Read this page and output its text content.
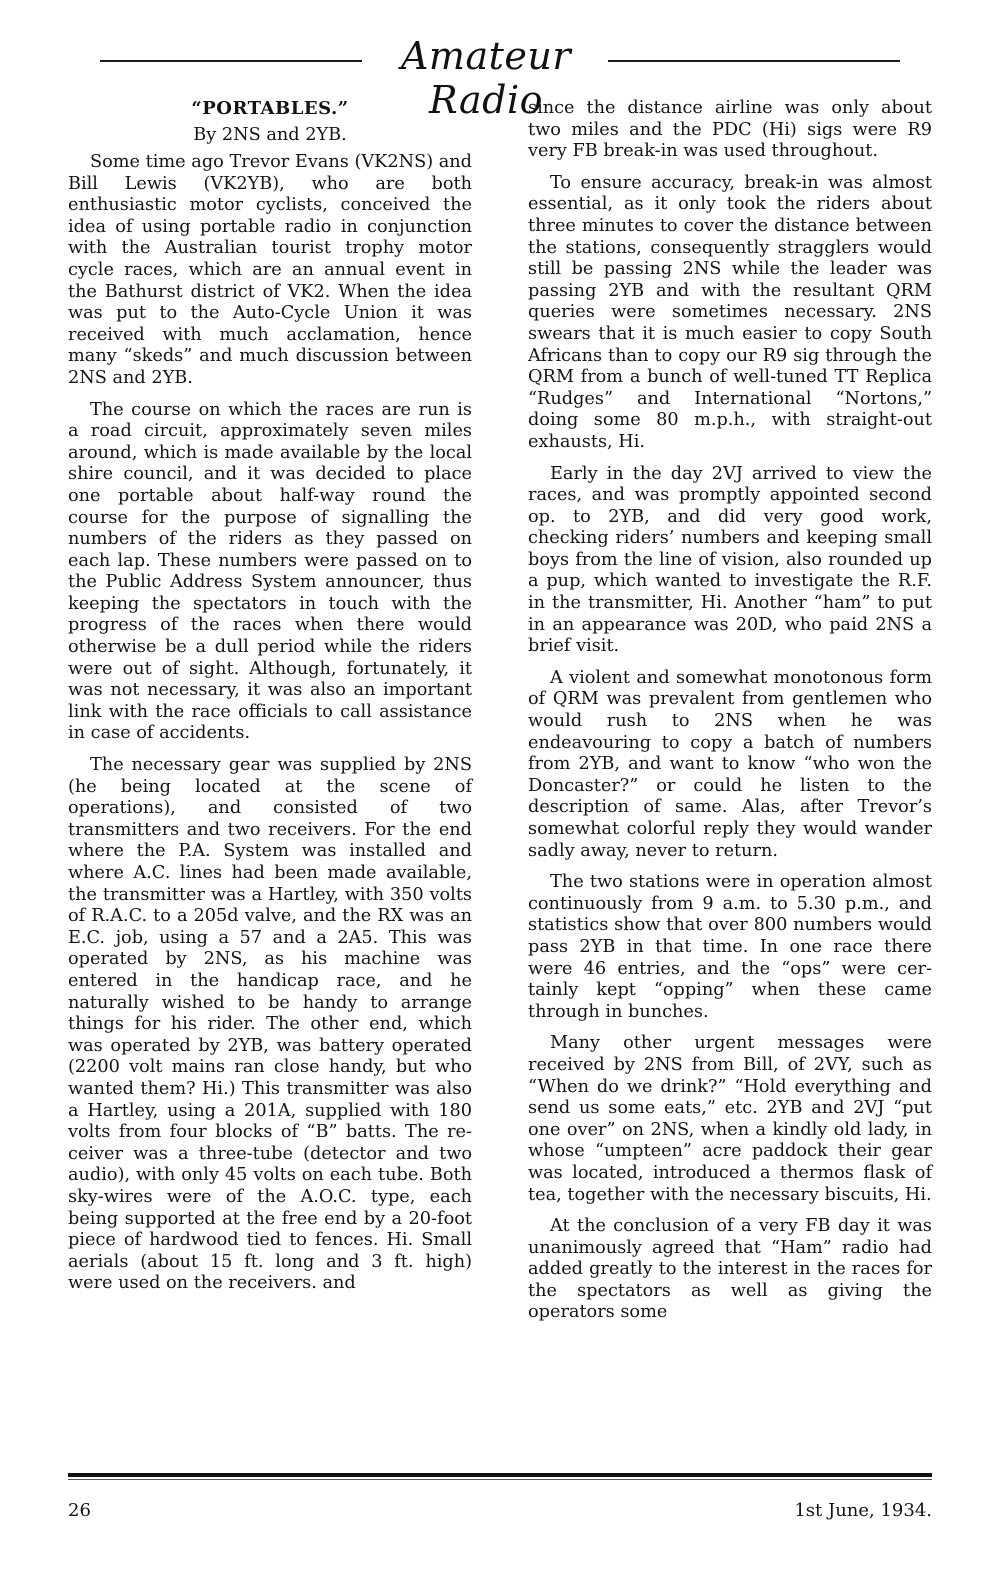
Amateur Radio
“PORTABLES.”
By 2NS and 2YB.

Some time ago Trevor Evans (VK2NS) and Bill Lewis (VK2YB), who are both enthusiastic motor cyclists, conceived the idea of using portable radio in conjunction with the Australian tourist trophy motor cycle races, which are an annual event in the Bathurst district of VK2. When the idea was put to the Auto-Cycle Union it was received with much acclamation, hence many “skeds” and much discussion between 2NS and 2YB.

The course on which the races are run is a road circuit, approximately seven miles around, which is made available by the local shire council, and it was decided to place one portable about half-way round the course for the purpose of signalling the numbers of the riders as they passed on each lap. These numbers were passed on to the Public Address System announcer, thus keeping the spectators in touch with the progress of the races when there would otherwise be a dull period while the riders were out of sight. Although, fortunately, it was not necessary, it was also an important link with the race officials to call assistance in case of accidents.

The necessary gear was supplied by 2NS (he being located at the scene of operations), and consisted of two transmitters and two receivers. For the end where the P.A. System was installed and where A.C. lines had been made available, the transmitter was a Hartley, with 350 volts of R.A.C. to a 205d valve, and the RX was an E.C. job, using a 57 and a 2A5. This was operated by 2NS, as his machine was entered in the handicap race, and he naturally wished to be handy to arrange things for his rider. The other end, which was operated by 2YB, was battery operated (2200 volt mains ran close handy, but who wanted them? Hi.) This transmitter was also a Hartley, using a 201A, supplied with 180 volts from four blocks of “B” batts. The receiver was a three-tube (detector and two audio), with only 45 volts on each tube. Both sky-wires were of the A.O.C. type, each being supported at the free end by a 20-foot piece of hardwood tied to fences. Hi. Small aerials (about 15 ft. long and 3 ft. high) were used on the receivers. and

since the distance airline was only about two miles and the PDC (Hi) sigs were R9 very FB break-in was used throughout.

To ensure accuracy, break-in was almost essential, as it only took the riders about three minutes to cover the distance between the stations, consequently stragglers would still be passing 2NS while the leader was passing 2YB and with the resultant QRM queries were sometimes necessary. 2NS swears that it is much easier to copy South Africans than to copy our R9 sig through the QRM from a bunch of well-tuned TT Replica “Rudges” and International “Nortons,” doing some 80 m.p.h., with straight-out exhausts, Hi.

Early in the day 2VJ arrived to view the races, and was promptly appointed second op. to 2YB, and did very good work, checking riders’ numbers and keeping small boys from the line of vision, also rounded up a pup, which wanted to investigate the R.F. in the transmitter, Hi. Another “ham” to put in an appearance was 20D, who paid 2NS a brief visit.

A violent and somewhat monotonous form of QRM was prevalent from gentlemen who would rush to 2NS when he was endeavouring to copy a batch of numbers from 2YB, and want to know “who won the Doncaster?” or could he listen to the description of same. Alas, after Trevor’s somewhat colorful reply they would wander sadly away, never to return.

The two stations were in operation almost continuously from 9 a.m. to 5.30 p.m., and statistics show that over 800 numbers would pass 2YB in that time. In one race there were 46 entries, and the “ops” were certainly kept “opping” when these came through in bunches.

Many other urgent messages were received by 2NS from Bill, of 2VY, such as “When do we drink?” “Hold everything and send us some eats,” etc. 2YB and 2VJ “put one over” on 2NS, when a kindly old lady, in whose “umpteen” acre paddock their gear was located, introduced a thermos flask of tea, together with the necessary biscuits, Hi.

At the conclusion of a very FB day it was unanimously agreed that “Ham” radio had added greatly to the interest in the races for the spectators as well as giving the operators some

26	1st June, 1934.
